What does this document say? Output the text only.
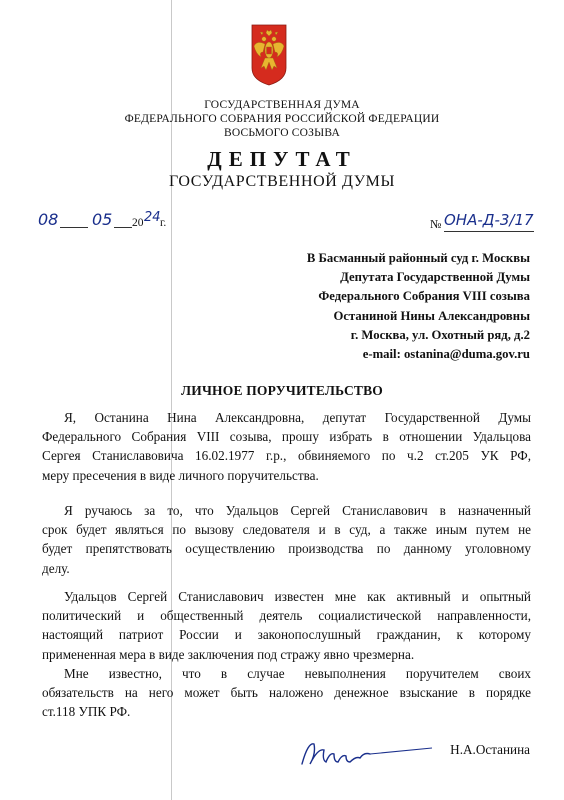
ГОСУДАРСТВЕННАЯ ДУМА
ФЕДЕРАЛЬНОГО СОБРАНИЯ РОССИЙСКОЙ ФЕДЕРАЦИИ
ВОСЬМОГО СОЗЫВА
ДЕПУТАТ
ГОСУДАРСТВЕННОЙ ДУМЫ
08 05 20 24 г.	№ ОНА-Д-3/17
В Басманный районный суд г. Москвы
Депутата Государственной Думы
Федерального Собрания VIII созыва
Останиной Нины Александровны
г. Москва, ул. Охотный ряд, д.2
e-mail: ostanina@duma.gov.ru
ЛИЧНОЕ ПОРУЧИТЕЛЬСТВО
Я, Останина Нина Александровна, депутат Государственной Думы
Федерального Собрания VIII созыва, прошу избрать в отношении Удальцова
Сергея Станиславовича 16.02.1977 г.р., обвиняемого по ч.2 ст.205 УК РФ,
меру пресечения в виде личного поручительства.
Я ручаюсь за то, что Удальцов Сергей Станиславович в назначенный
срок будет являться по вызову следователя и в суд, а также иным путем не
будет препятствовать осуществлению производства по данному уголовному
делу.
Удальцов Сергей Станиславович известен мне как активный и опытный
политический и общественный деятель социалистической направленности,
настоящий патриот России и законопослушный гражданин, к которому
примененная мера в виде заключения под стражу явно чрезмерна.
Мне известно, что в случае невыполнения поручителем своих
обязательств на него может быть наложено денежное взыскание в порядке
ст.118 УПК РФ.
Н.А.Останина
